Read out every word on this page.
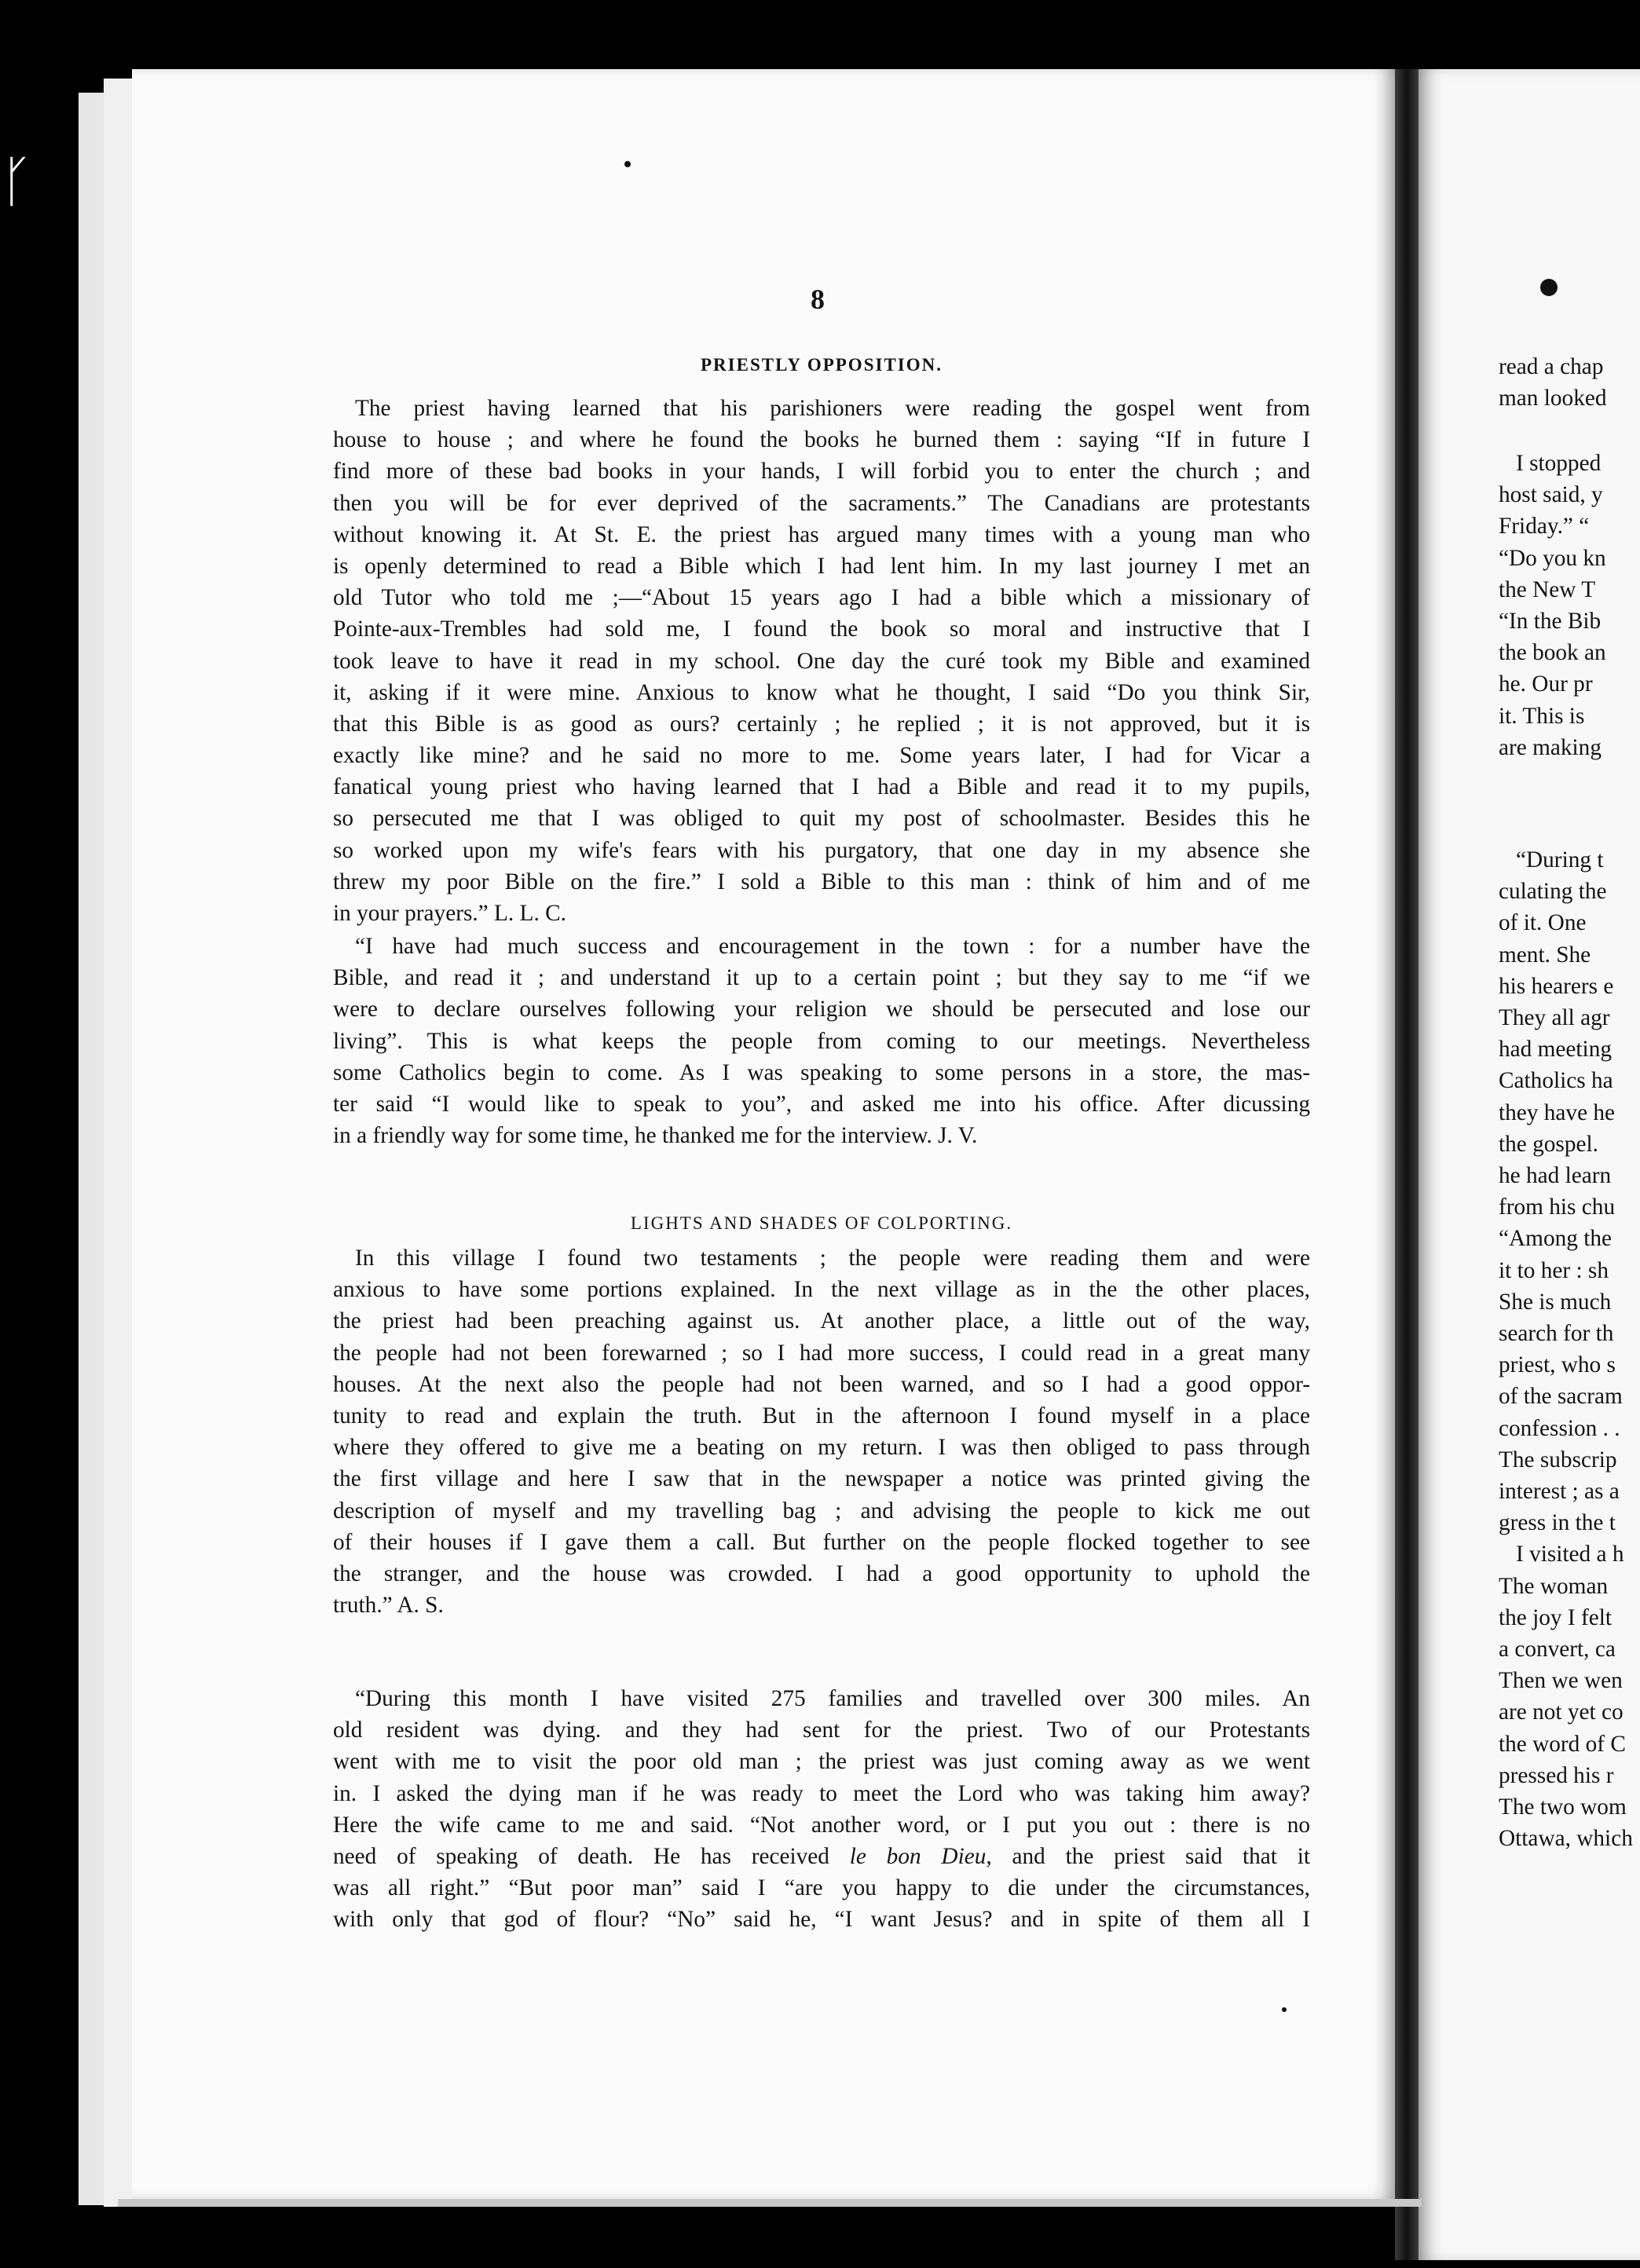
ᚴ
8
PRIESTLY OPPOSITION.
The priest having learned that his parishioners were reading the gospel went from
house to house ; and where he found the books he burned them : saying “If in future I
find more of these bad books in your hands, I will forbid you to enter the church ; and
then you will be for ever deprived of the sacraments.” The Canadians are protestants
without knowing it. At St. E. the priest has argued many times with a young man who
is openly determined to read a Bible which I had lent him. In my last journey I met an
old Tutor who told me ;—“About 15 years ago I had a bible which a missionary of
Pointe-aux-Trembles had sold me, I found the book so moral and instructive that I
took leave to have it read in my school. One day the curé took my Bible and examined
it, asking if it were mine. Anxious to know what he thought, I said “Do you think Sir,
that this Bible is as good as ours? certainly ; he replied ; it is not approved, but it is
exactly like mine? and he said no more to me. Some years later, I had for Vicar a
fanatical young priest who having learned that I had a Bible and read it to my pupils,
so persecuted me that I was obliged to quit my post of schoolmaster. Besides this he
so worked upon my wife's fears with his purgatory, that one day in my absence she
threw my poor Bible on the fire.” I sold a Bible to this man : think of him and of me
in your prayers.” L. L. C.
“I have had much success and encouragement in the town : for a number have the
Bible, and read it ; and understand it up to a certain point ; but they say to me “if we
were to declare ourselves following your religion we should be persecuted and lose our
living”. This is what keeps the people from coming to our meetings. Nevertheless
some Catholics begin to come. As I was speaking to some persons in a store, the mas-
ter said “I would like to speak to you”, and asked me into his office. After dicussing
in a friendly way for some time, he thanked me for the interview. J. V.
LIGHTS AND SHADES OF COLPORTING.
In this village I found two testaments ; the people were reading them and were
anxious to have some portions explained. In the next village as in the the other places,
the priest had been preaching against us. At another place, a little out of the way,
the people had not been forewarned ; so I had more success, I could read in a great many
houses. At the next also the people had not been warned, and so I had a good oppor-
tunity to read and explain the truth. But in the afternoon I found myself in a place
where they offered to give me a beating on my return. I was then obliged to pass through
the first village and here I saw that in the newspaper a notice was printed giving the
description of myself and my travelling bag ; and advising the people to kick me out
of their houses if I gave them a call. But further on the people flocked together to see
the stranger, and the house was crowded. I had a good opportunity to uphold the
truth.” A. S.
“During this month I have visited 275 families and travelled over 300 miles. An
old resident was dying. and they had sent for the priest. Two of our Protestants
went with me to visit the poor old man ; the priest was just coming away as we went
in. I asked the dying man if he was ready to meet the Lord who was taking him away?
Here the wife came to me and said. “Not another word, or I put you out : there is no
need of speaking of death. He has received le bon Dieu, and the priest said that it
was all right.” “But poor man” said I “are you happy to die under the circumstances,
with only that god of flour? “No” said he, “I want Jesus? and in spite of them all I
read a chap
man looked
I stopped
host said, y
Friday.” “
“Do you kn
the New T
“In the Bib
the book an
he. Our pr
it. This is
are making
“During t
culating the
of it. One
ment. She
his hearers e
They all agr
had meeting
Catholics ha
they have he
the gospel.
he had learn
from his chu
“Among the
it to her : sh
She is much
search for th
priest, who s
of the sacram
confession . .
The subscrip
interest ; as a
gress in the t
I visited a h
The woman
the joy I felt
a convert, ca
Then we wen
are not yet co
the word of C
pressed his r
The two wom
Ottawa, which
